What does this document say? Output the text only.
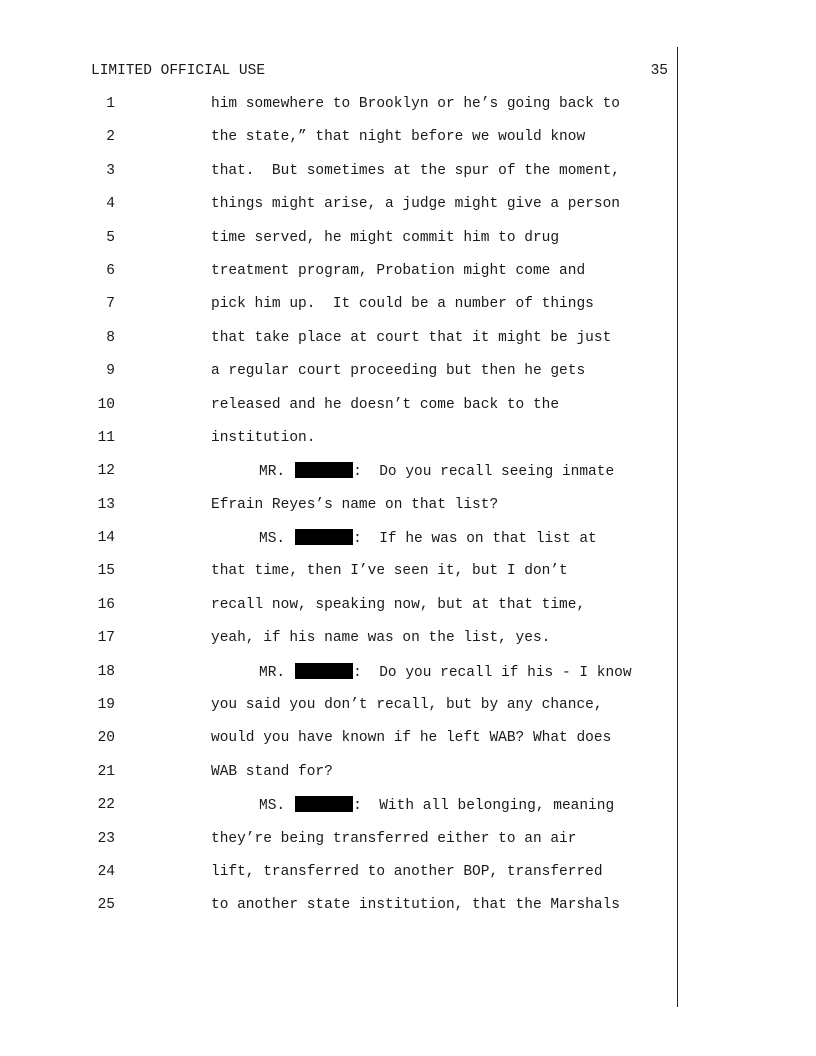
LIMITED OFFICIAL USE	35
1	him somewhere to Brooklyn or he’s going back to
2	the state,” that night before we would know
3	that.  But sometimes at the spur of the moment,
4	things might arise, a judge might give a person
5	time served, he might commit him to drug
6	treatment program, Probation might come and
7	pick him up.  It could be a number of things
8	that take place at court that it might be just
9	a regular court proceeding but then he gets
10	released and he doesn’t come back to the
11	institution.
12	MR.	:  Do you recall seeing inmate
13	Efrain Reyes’s name on that list?
14	MS.	:  If he was on that list at
15	that time, then I’ve seen it, but I don’t
16	recall now, speaking now, but at that time,
17	yeah, if his name was on the list, yes.
18	MR.	:  Do you recall if his - I know
19	you said you don’t recall, but by any chance,
20	would you have known if he left WAB? What does
21	WAB stand for?
22	MS.	:  With all belonging, meaning
23	they’re being transferred either to an air
24	lift, transferred to another BOP, transferred
25	to another state institution, that the Marshals
